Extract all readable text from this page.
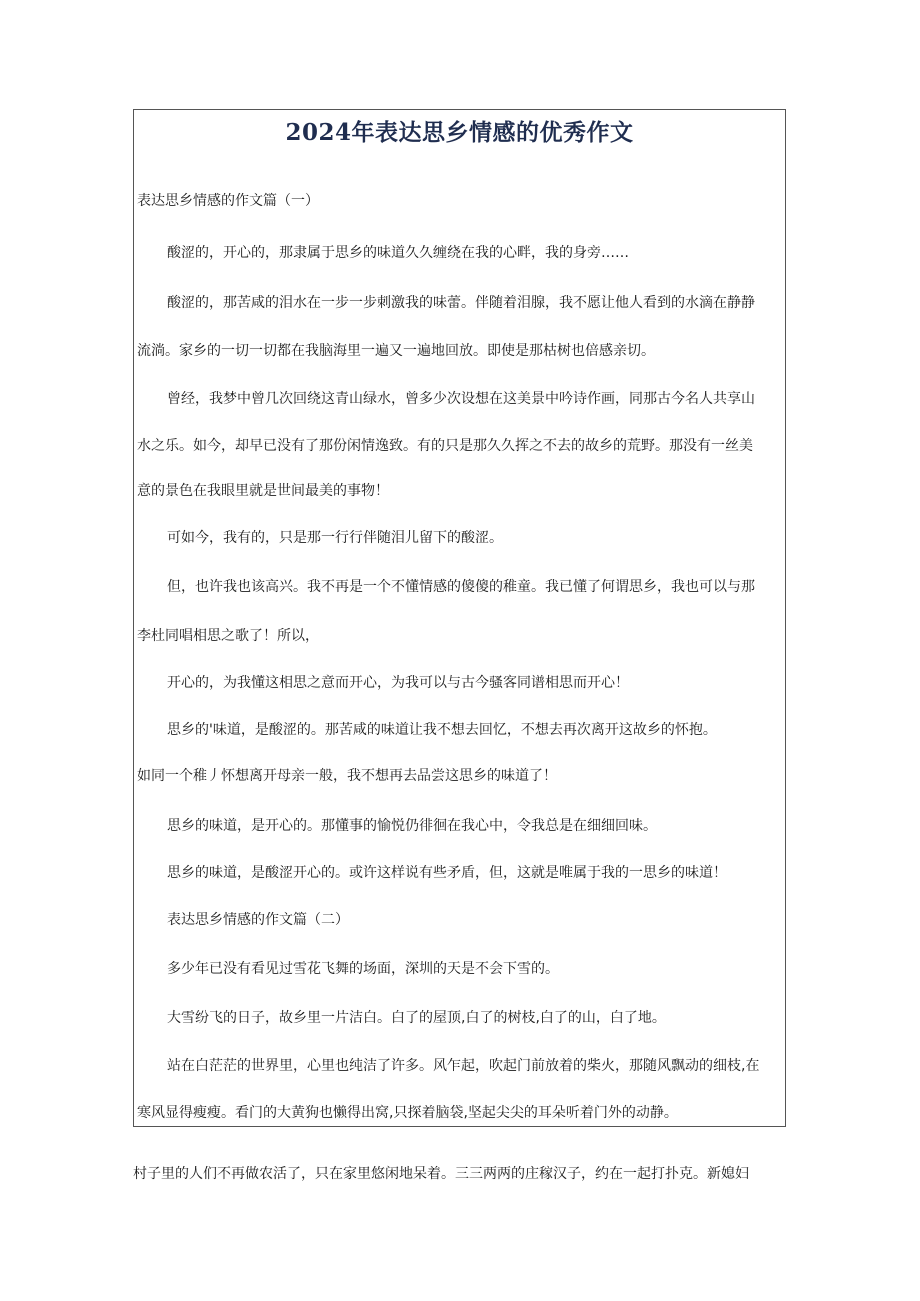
2024年表达思乡情感的优秀作文
表达思乡情感的作文篇（一）
酸涩的，开心的，那隶属于思乡的味道久久缠绕在我的心畔，我的身旁……
酸涩的，那苦咸的泪水在一步一步刺激我的味蕾。伴随着泪腺，我不愿让他人看到的水滴在静静
流淌。家乡的一切一切都在我脑海里一遍又一遍地回放。即使是那枯树也倍感亲切。
曾经，我梦中曾几次回绕这青山绿水，曾多少次设想在这美景中吟诗作画，同那古今名人共享山
水之乐。如今，却早已没有了那份闲情逸致。有的只是那久久挥之不去的故乡的荒野。那没有一丝美
意的景色在我眼里就是世间最美的事物！
可如今，我有的，只是那一行行伴随泪儿留下的酸涩。
但，也许我也该高兴。我不再是一个不懂情感的傻傻的稚童。我已懂了何谓思乡，我也可以与那
李杜同唱相思之歌了！所以，
开心的，为我懂这相思之意而开心，为我可以与古今骚客同谱相思而开心！
思乡的'味道，是酸涩的。那苦咸的味道让我不想去回忆，不想去再次离开这故乡的怀抱。
如同一个稚丿怀想离开母亲一般，我不想再去品尝这思乡的味道了！
思乡的味道，是开心的。那懂事的愉悦仍徘徊在我心中，令我总是在细细回味。
思乡的味道，是酸涩开心的。或许这样说有些矛盾，但，这就是唯属于我的一思乡的味道！
表达思乡情感的作文篇（二）
多少年已没有看见过雪花飞舞的场面，深圳的天是不会下雪的。
大雪纷飞的日子，故乡里一片洁白。白了的屋顶,白了的树枝,白了的山，白了地。
站在白茫茫的世界里，心里也纯洁了许多。风乍起，吹起门前放着的柴火，那随风飘动的细枝,在
寒风显得瘦瘦。看门的大黄狗也懒得出窝,只探着脑袋,坚起尖尖的耳朵听着门外的动静。
村子里的人们不再做农活了，只在家里悠闲地呆着。三三两两的庄稼汉子，约在一起打扑克。新媳妇
